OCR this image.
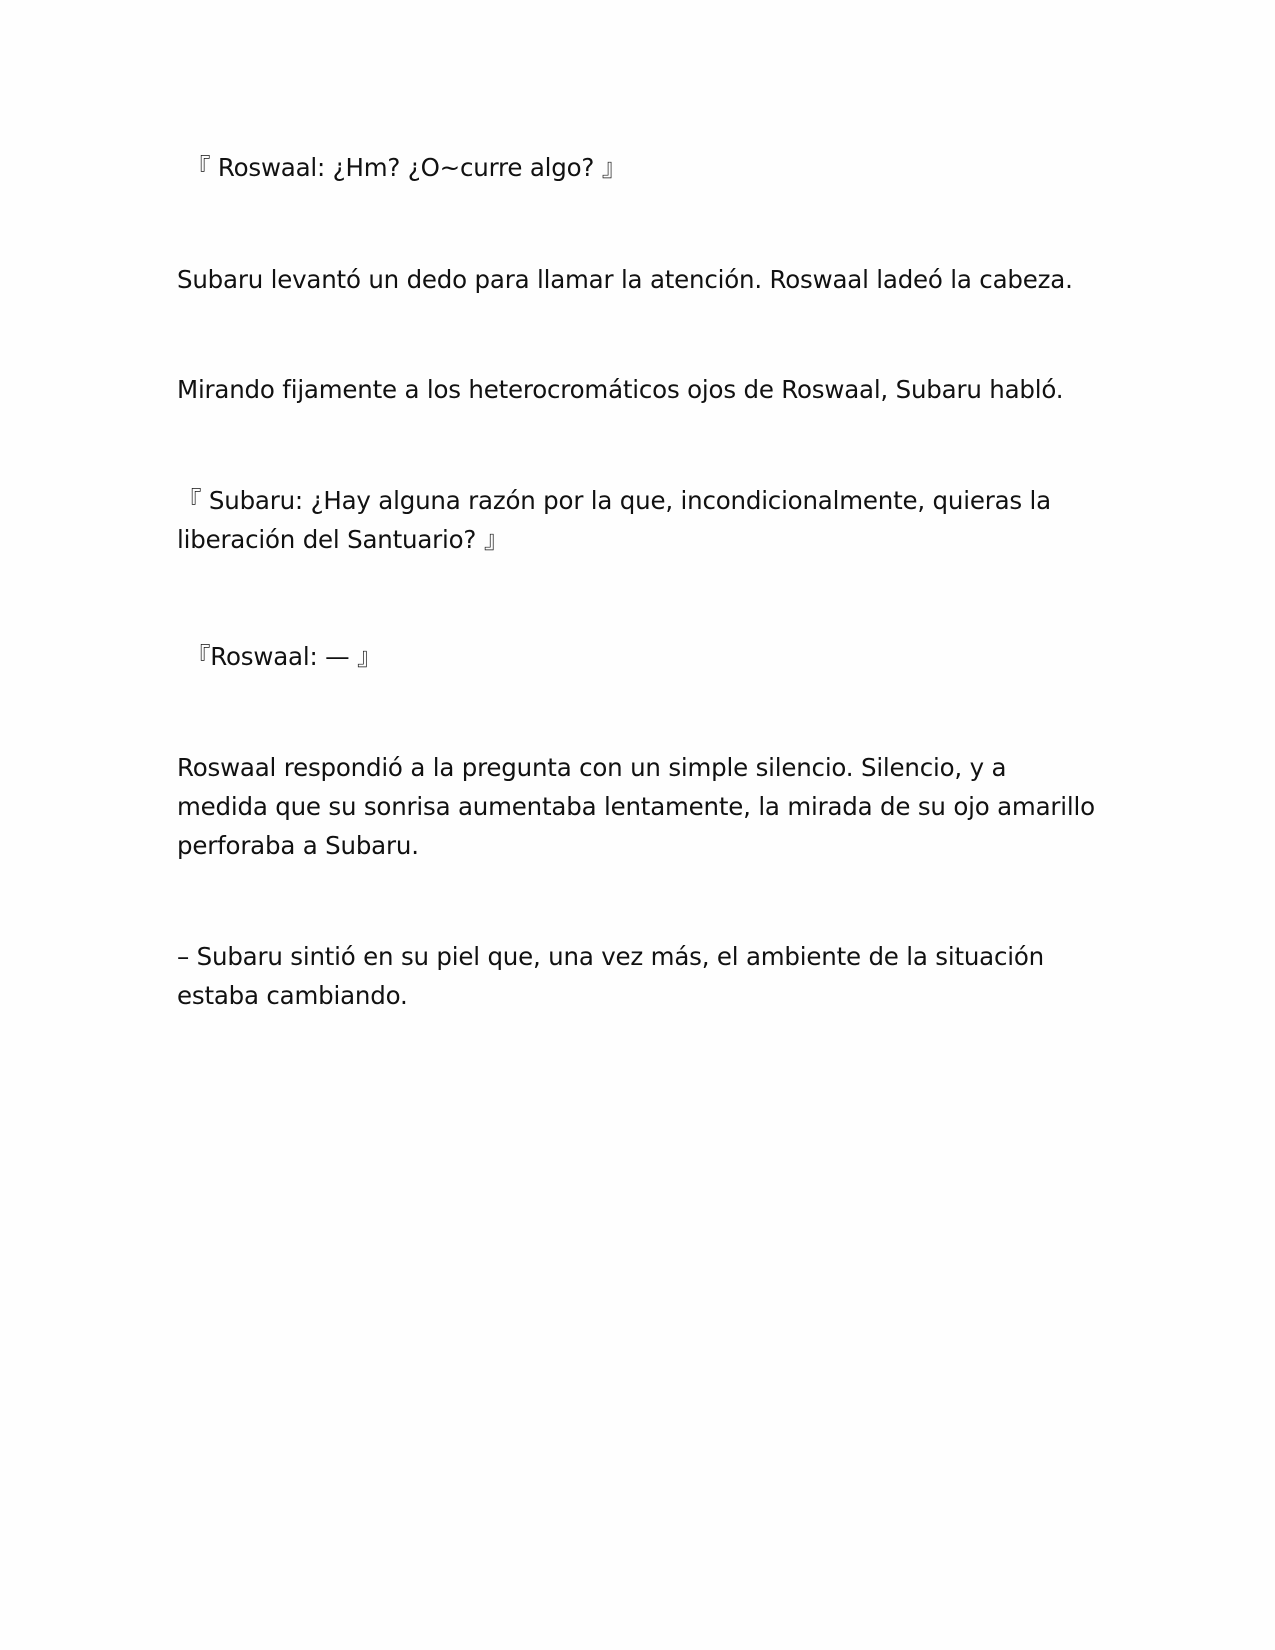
『 Roswaal: ¿Hm? ¿O~curre algo? 』

Subaru levantó un dedo para llamar la atención. Roswaal ladeó la cabeza.

Mirando fijamente a los heterocromáticos ojos de Roswaal, Subaru habló.

『 Subaru: ¿Hay alguna razón por la que, incondicionalmente, quieras la liberación del Santuario? 』

『Roswaal: — 』

Roswaal respondió a la pregunta con un simple silencio. Silencio, y a medida que su sonrisa aumentaba lentamente, la mirada de su ojo amarillo perforaba a Subaru.

– Subaru sintió en su piel que, una vez más, el ambiente de la situación estaba cambiando.
